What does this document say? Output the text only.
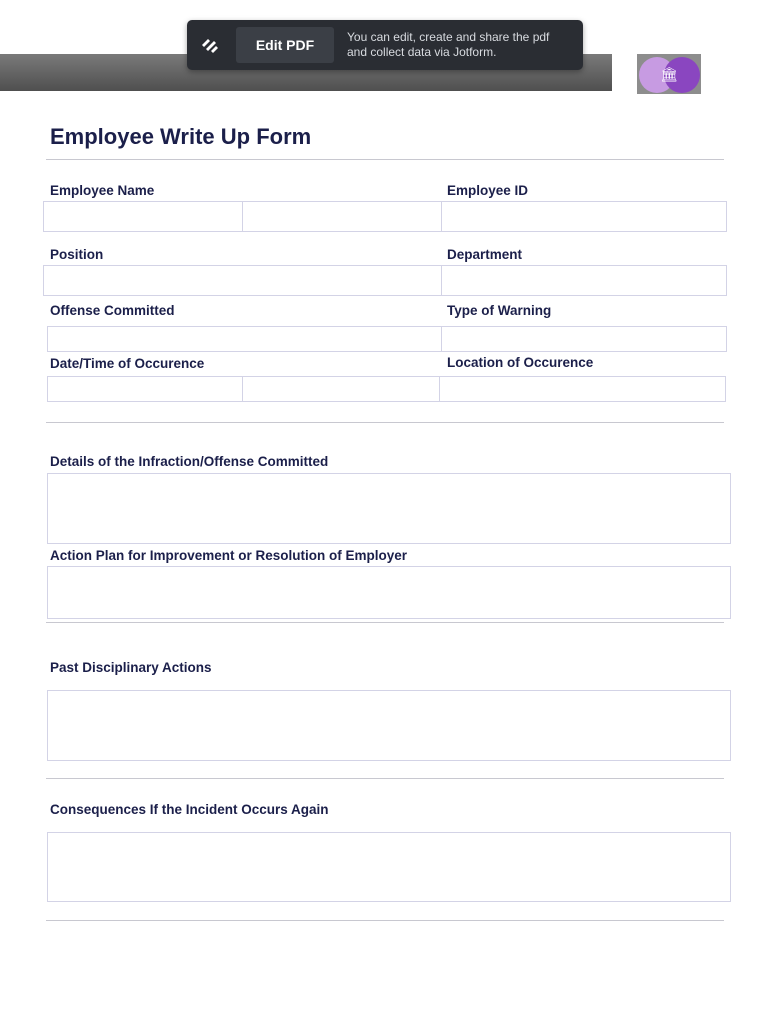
Edit PDF	You can edit, create and share the pdf
and collect data via Jotform.
🏛
Employee Write Up Form
Employee Name	Employee ID
Position	Department
Offense Committed	Type of Warning
Date/Time of Occurence	Location of Occurence
Details of the Infraction/Offense Committed
Action Plan for Improvement or Resolution of Employer
Past Disciplinary Actions
Consequences If the Incident Occurs Again
